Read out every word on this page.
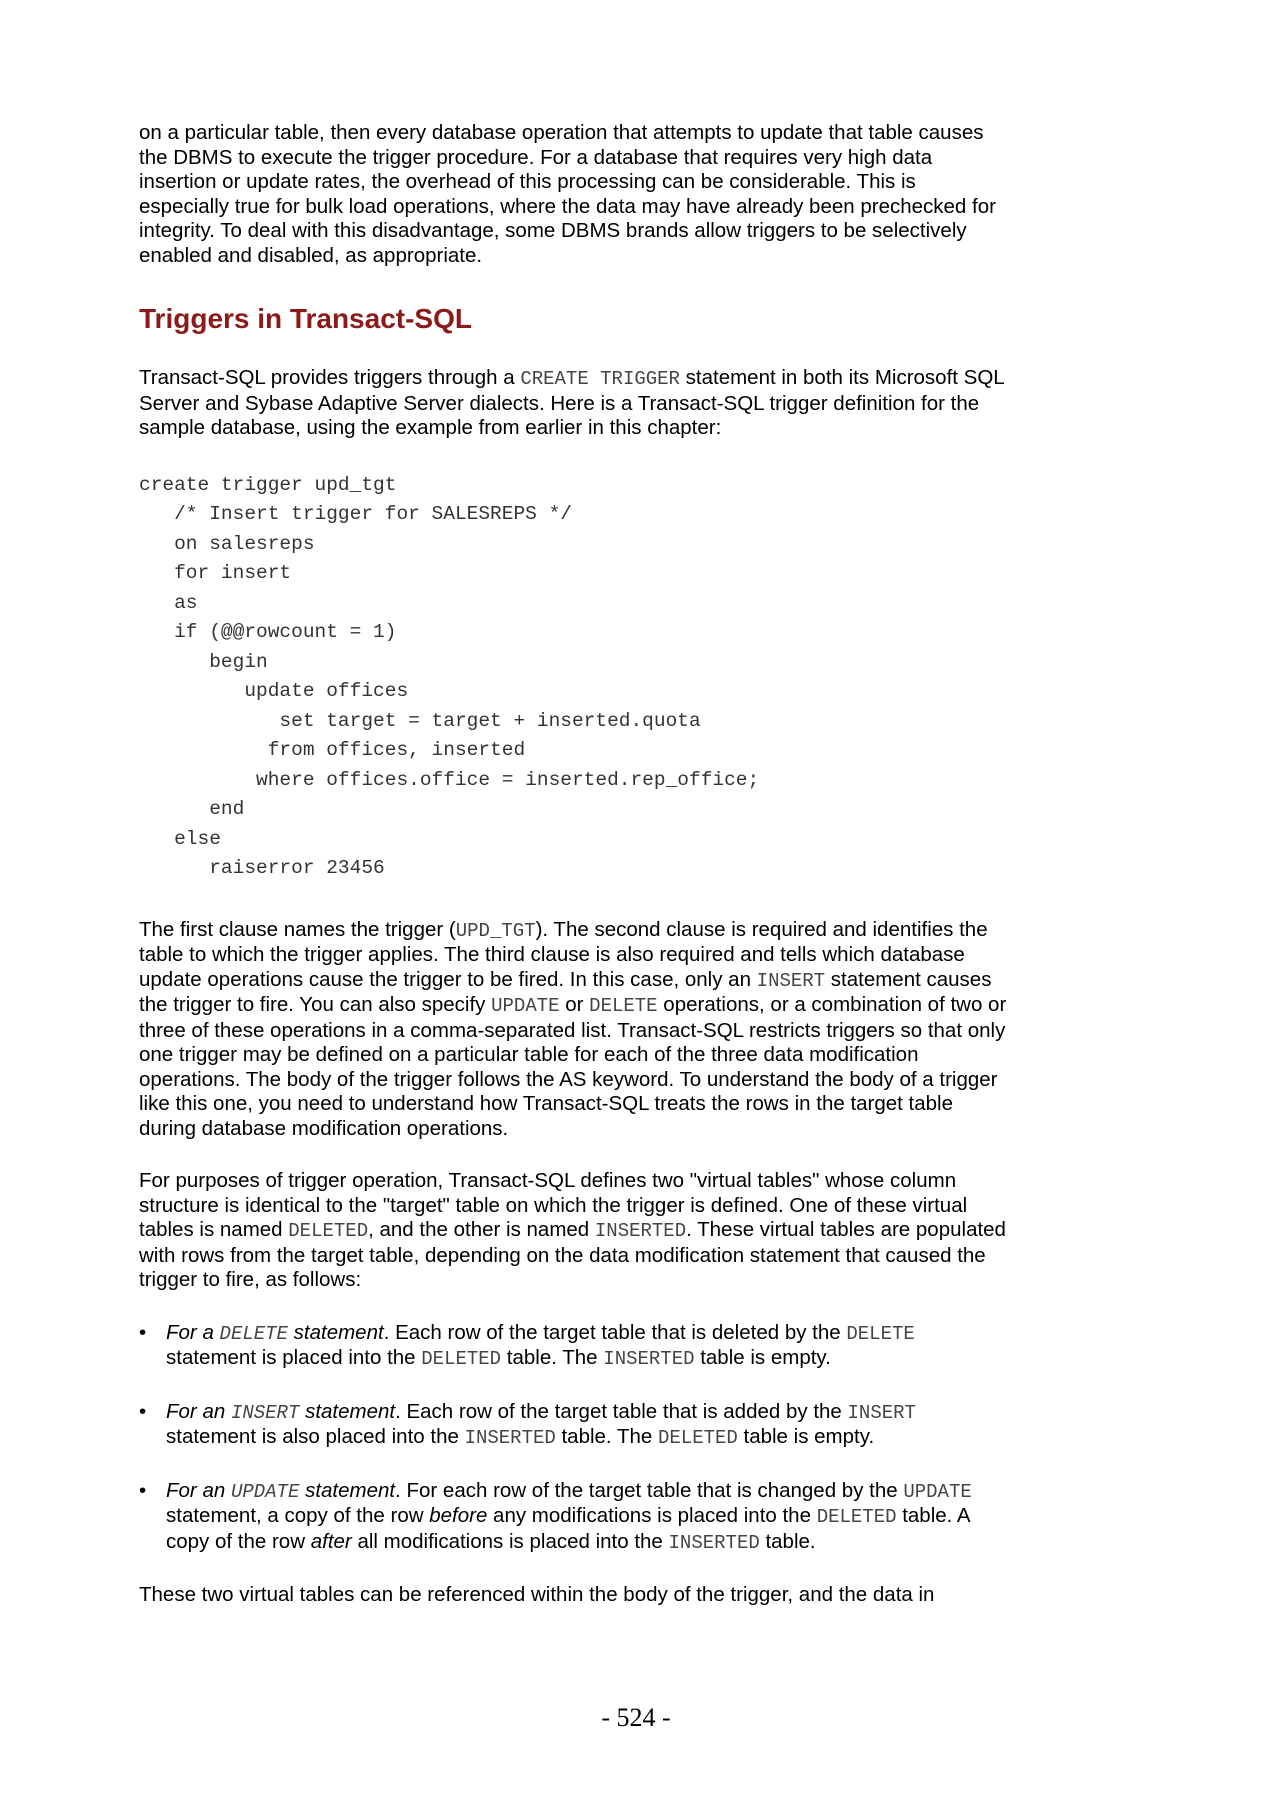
on a particular table, then every database operation that attempts to update that table causes the DBMS to execute the trigger procedure. For a database that requires very high data insertion or update rates, the overhead of this processing can be considerable. This is especially true for bulk load operations, where the data may have already been prechecked for integrity. To deal with this disadvantage, some DBMS brands allow triggers to be selectively enabled and disabled, as appropriate.

Triggers in Transact-SQL

Transact-SQL provides triggers through a CREATE TRIGGER statement in both its Microsoft SQL Server and Sybase Adaptive Server dialects. Here is a Transact-SQL trigger definition for the sample database, using the example from earlier in this chapter:

create trigger upd_tgt
/* Insert trigger for SALESREPS */
on salesreps
for insert
as
if (@@rowcount = 1)
begin
update offices
set target = target + inserted.quota
from offices, inserted
where offices.office = inserted.rep_office;
end
else
raiserror 23456

The first clause names the trigger (UPD_TGT). The second clause is required and identifies the table to which the trigger applies. The third clause is also required and tells which database update operations cause the trigger to be fired. In this case, only an INSERT statement causes the trigger to fire. You can also specify UPDATE or DELETE operations, or a combination of two or three of these operations in a comma-separated list. Transact-SQL restricts triggers so that only one trigger may be defined on a particular table for each of the three data modification operations. The body of the trigger follows the AS keyword. To understand the body of a trigger like this one, you need to understand how Transact-SQL treats the rows in the target table during database modification operations.

For purposes of trigger operation, Transact-SQL defines two "virtual tables" whose column structure is identical to the "target" table on which the trigger is defined. One of these virtual tables is named DELETED, and the other is named INSERTED. These virtual tables are populated with rows from the target table, depending on the data modification statement that caused the trigger to fire, as follows:

• For a DELETE statement. Each row of the target table that is deleted by the DELETE statement is placed into the DELETED table. The INSERTED table is empty.
• For an INSERT statement. Each row of the target table that is added by the INSERT statement is also placed into the INSERTED table. The DELETED table is empty.
• For an UPDATE statement. For each row of the target table that is changed by the UPDATE statement, a copy of the row before any modifications is placed into the DELETED table. A copy of the row after all modifications is placed into the INSERTED table.

These two virtual tables can be referenced within the body of the trigger, and the data in

- 524 -
